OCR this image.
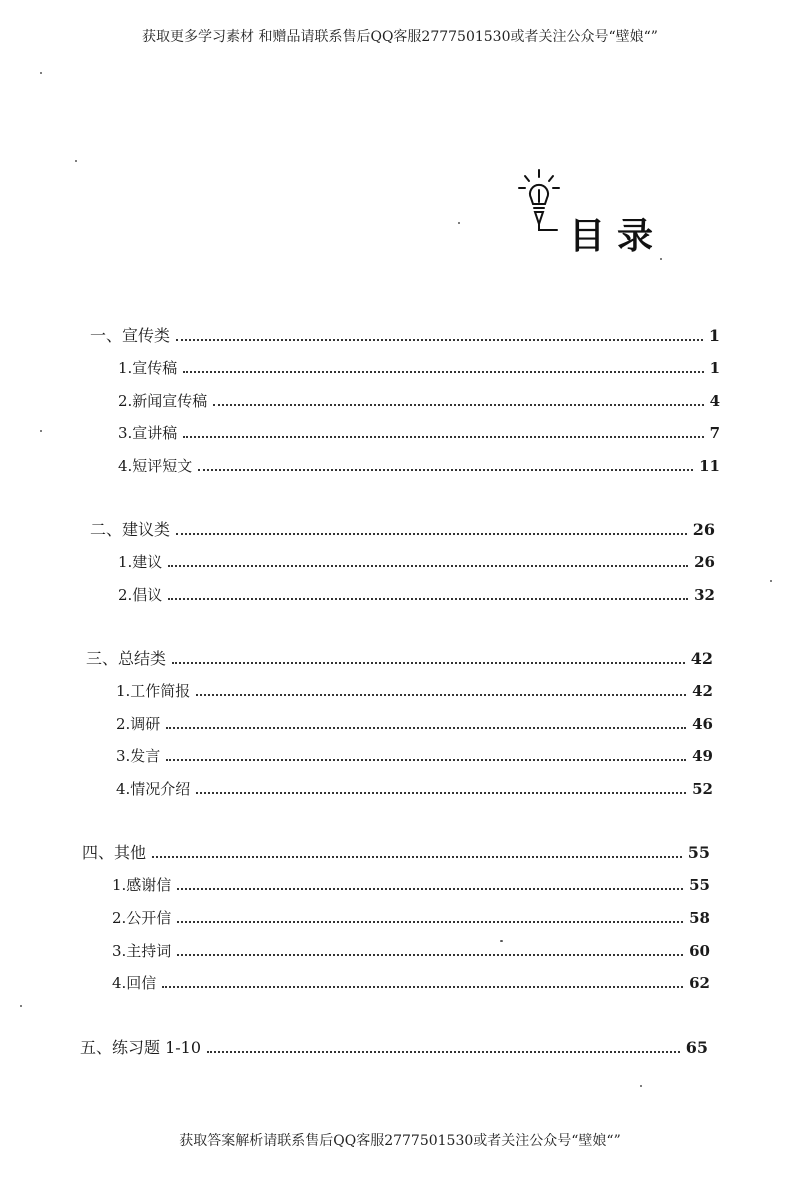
获取更多学习素材 和赠品请联系售后QQ客服2777501530或者关注公众号“壁娘“”
目录
一、宣传类	1
1.宣传稿	1
2.新闻宣传稿	4
3.宣讲稿	7
4.短评短文	11
二、建议类	26
1.建议	26
2.倡议	32
三、总结类	42
1.工作简报	42
2.调研	46
3.发言	49
4.情况介绍	52
四、其他	55
1.感谢信	55
2.公开信	58
3.主持词	60
4.回信	62
五、练习题 1-10	65
获取答案解析请联系售后QQ客服2777501530或者关注公众号“壁娘“”
